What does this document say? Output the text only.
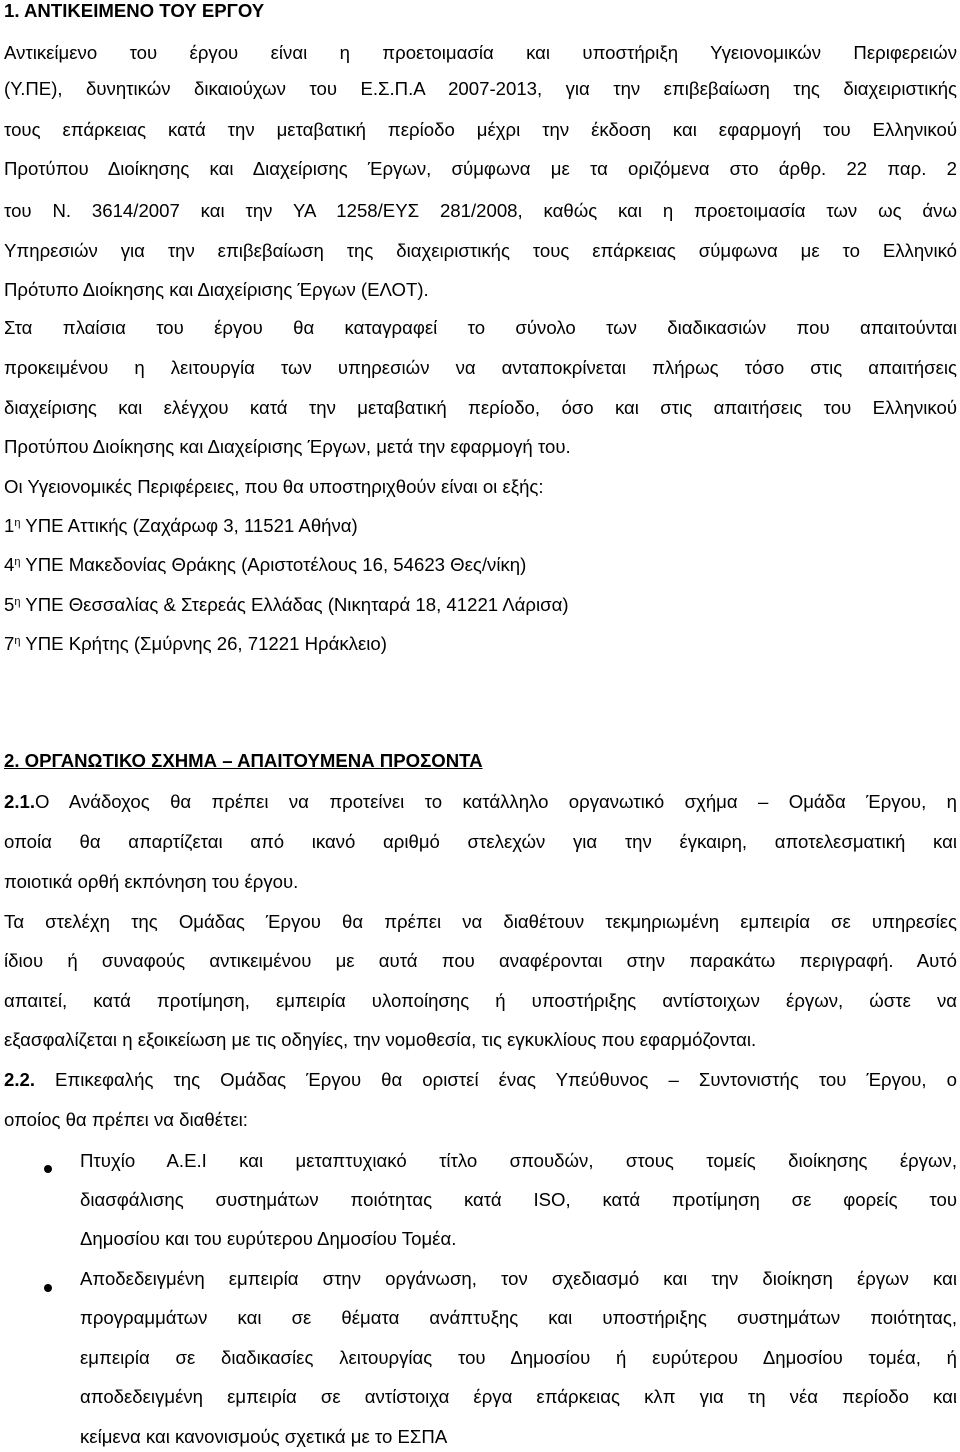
1. ΑΝΤΙΚΕΙΜΕΝΟ ΤΟΥ ΕΡΓΟΥ
Αντικείμενο του έργου είναι η προετοιμασία και υποστήριξη Υγειονομικών Περιφερειών
(Υ.ΠΕ), δυνητικών δικαιούχων του Ε.Σ.Π.Α 2007-2013, για την επιβεβαίωση της διαχειριστικής
τους επάρκειας κατά την μεταβατική περίοδο μέχρι την έκδοση και εφαρμογή του Ελληνικού
Προτύπου Διοίκησης και Διαχείρισης Έργων, σύμφωνα με τα οριζόμενα στο άρθρ. 22 παρ. 2
του Ν. 3614/2007 και την ΥΑ 1258/ΕΥΣ 281/2008, καθώς και η προετοιμασία των ως άνω
Υπηρεσιών για την επιβεβαίωση της διαχειριστικής τους επάρκειας σύμφωνα με το Ελληνικό
Πρότυπο Διοίκησης και Διαχείρισης Έργων (ΕΛΟΤ).
Στα πλαίσια του έργου θα καταγραφεί το σύνολο των διαδικασιών που απαιτούνται
προκειμένου η λειτουργία των υπηρεσιών να ανταποκρίνεται πλήρως τόσο στις απαιτήσεις
διαχείρισης και ελέγχου κατά την μεταβατική περίοδο, όσο και στις απαιτήσεις του Ελληνικού
Προτύπου Διοίκησης και Διαχείρισης Έργων, μετά την εφαρμογή του.
Οι Υγειονομικές Περιφέρειες, που θα υποστηριχθούν είναι οι εξής:
$1^\eta$ ΥΠΕ Αττικής (Ζαχάρωφ 3, 11521 Αθήνα)
$4^\eta$ ΥΠΕ Μακεδονίας Θράκης (Αριστοτέλους 16, 54623 Θες/νίκη)
$5^\eta$ ΥΠΕ Θεσσαλίας & Στερεάς Ελλάδας (Νικηταρά 18, 41221 Λάρισα)
$7^\eta$ ΥΠΕ Κρήτης (Σμύρνης 26, 71221 Ηράκλειο)
2. ΟΡΓΑΝΩΤΙΚΟ ΣΧΗΜΑ – ΑΠΑΙΤΟΥΜΕΝΑ ΠΡΟΣΟΝΤΑ
2.1.Ο Ανάδοχος θα πρέπει να προτείνει το κατάλληλο οργανωτικό σχήμα – Ομάδα Έργου, η
οποία θα απαρτίζεται από ικανό αριθμό στελεχών για την έγκαιρη, αποτελεσματική και
ποιοτικά ορθή εκπόνηση του έργου.
Τα στελέχη της Ομάδας Έργου θα πρέπει να διαθέτουν τεκμηριωμένη εμπειρία σε υπηρεσίες
ίδιου ή συναφούς αντικειμένου με αυτά που αναφέρονται στην παρακάτω περιγραφή. Αυτό
απαιτεί, κατά προτίμηση, εμπειρία υλοποίησης ή υποστήριξης αντίστοιχων έργων, ώστε να
εξασφαλίζεται η εξοικείωση με τις οδηγίες, την νομοθεσία, τις εγκυκλίους που εφαρμόζονται.
2.2. Επικεφαλής της Ομάδας Έργου θα οριστεί ένας Υπεύθυνος – Συντονιστής του Έργου, ο
οποίος θα πρέπει να διαθέτει:
Πτυχίο Α.Ε.Ι και μεταπτυχιακό τίτλο σπουδών, στους τομείς διοίκησης έργων,
διασφάλισης συστημάτων ποιότητας κατά ISO, κατά προτίμηση σε φορείς του
Δημοσίου και του ευρύτερου Δημοσίου Τομέα.
Αποδεδειγμένη εμπειρία στην οργάνωση, τον σχεδιασμό και την διοίκηση έργων και
προγραμμάτων και σε θέματα ανάπτυξης και υποστήριξης συστημάτων ποιότητας,
εμπειρία σε διαδικασίες λειτουργίας του Δημοσίου ή ευρύτερου Δημοσίου τομέα, ή
αποδεδειγμένη εμπειρία σε αντίστοιχα έργα επάρκειας κλπ για τη νέα περίοδο και
κείμενα και κανονισμούς σχετικά με το ΕΣΠΑ
